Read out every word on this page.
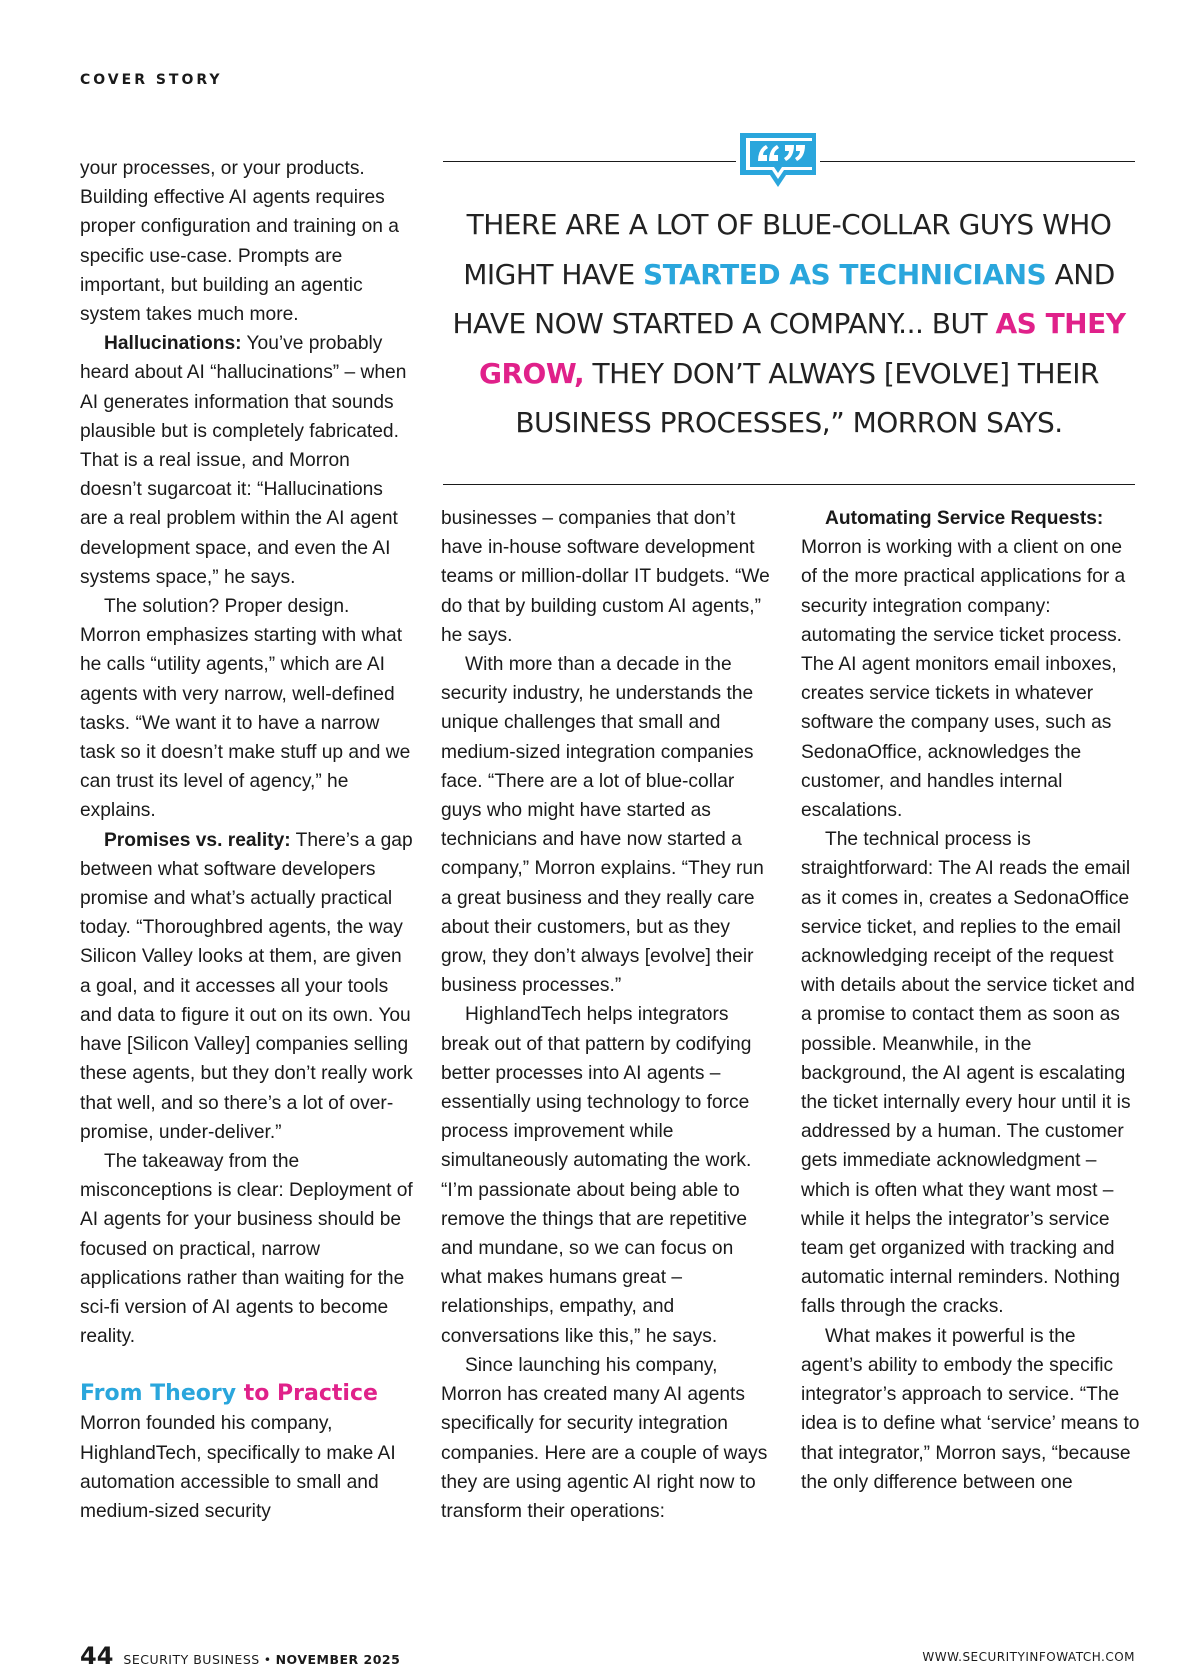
COVER STORY
THERE ARE A LOT OF BLUE-COLLAR GUYS WHO MIGHT HAVE STARTED AS TECHNICIANS AND HAVE NOW STARTED A COMPANY... BUT AS THEY GROW, THEY DON’T ALWAYS [EVOLVE] THEIR BUSINESS PROCESSES,” MORRON SAYS.

your processes, or your products. Building effective AI agents requires proper configuration and training on a specific use-case. Prompts are important, but building an agentic system takes much more.

Hallucinations: You’ve probably heard about AI “hallucinations” – when AI generates information that sounds plausible but is completely fabricated. That is a real issue, and Morron doesn’t sugarcoat it: “Hallucinations are a real problem within the AI agent development space, and even the AI systems space,” he says.

The solution? Proper design. Morron emphasizes starting with what he calls “utility agents,” which are AI agents with very narrow, well-defined tasks. “We want it to have a narrow task so it doesn’t make stuff up and we can trust its level of agency,” he explains.

Promises vs. reality: There’s a gap between what software developers promise and what’s actually practical today. “Thoroughbred agents, the way Silicon Valley looks at them, are given a goal, and it accesses all your tools and data to figure it out on its own. You have [Silicon Valley] companies selling these agents, but they don’t really work that well, and so there’s a lot of over-promise, under-deliver.”

The takeaway from the misconceptions is clear: Deployment of AI agents for your business should be focused on practical, narrow applications rather than waiting for the sci-fi version of AI agents to become reality.

From Theory to Practice

Morron founded his company, HighlandTech, specifically to make AI automation accessible to small and medium-sized security

businesses – companies that don’t have in-house software development teams or million-dollar IT budgets. “We do that by building custom AI agents,” he says.

With more than a decade in the security industry, he understands the unique challenges that small and medium-sized integration companies face. “There are a lot of blue-collar guys who might have started as technicians and have now started a company,” Morron explains. “They run a great business and they really care about their customers, but as they grow, they don’t always [evolve] their business processes.”

HighlandTech helps integrators break out of that pattern by codifying better processes into AI agents – essentially using technology to force process improvement while simultaneously automating the work. “I’m passionate about being able to remove the things that are repetitive and mundane, so we can focus on what makes humans great – relationships, empathy, and conversations like this,” he says.

Since launching his company, Morron has created many AI agents specifically for security integration companies. Here are a couple of ways they are using agentic AI right now to transform their operations:

Automating Service Requests: Morron is working with a client on one of the more practical applications for a security integration company: automating the service ticket process. The AI agent monitors email inboxes, creates service tickets in whatever software the company uses, such as SedonaOffice, acknowledges the customer, and handles internal escalations.

The technical process is straightforward: The AI reads the email as it comes in, creates a SedonaOffice service ticket, and replies to the email acknowledging receipt of the request with details about the service ticket and a promise to contact them as soon as possible. Meanwhile, in the background, the AI agent is escalating the ticket internally every hour until it is addressed by a human. The customer gets immediate acknowledgment – which is often what they want most – while it helps the integrator’s service team get organized with tracking and automatic internal reminders. Nothing falls through the cracks.

What makes it powerful is the agent’s ability to embody the specific integrator’s approach to service. “The idea is to define what ‘service’ means to that integrator,” Morron says, “because the only difference between one

44 SECURITY BUSINESS • NOVEMBER 2025	WWW.SECURITYINFOWATCH.COM
